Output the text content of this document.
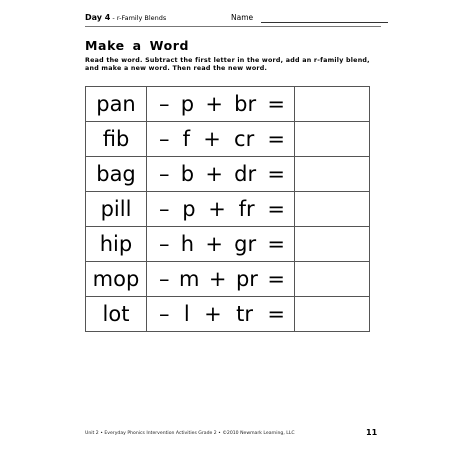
Day 4 - r-Family Blends	Name
Make a Word
Read the word. Subtract the first letter in the word, add an r-family blend, and make a new word. Then read the new word.
pan	– p + br =	

fib	– f + cr =	

bag	– b + dr =	

pill	– p + fr =	

hip	– h + gr =	

mop	– m + pr =	

lot	– l + tr =	

Unit 2 • Everyday Phonics Intervention Activities Grade 2 • ©2010 Newmark Learning, LLC	11
